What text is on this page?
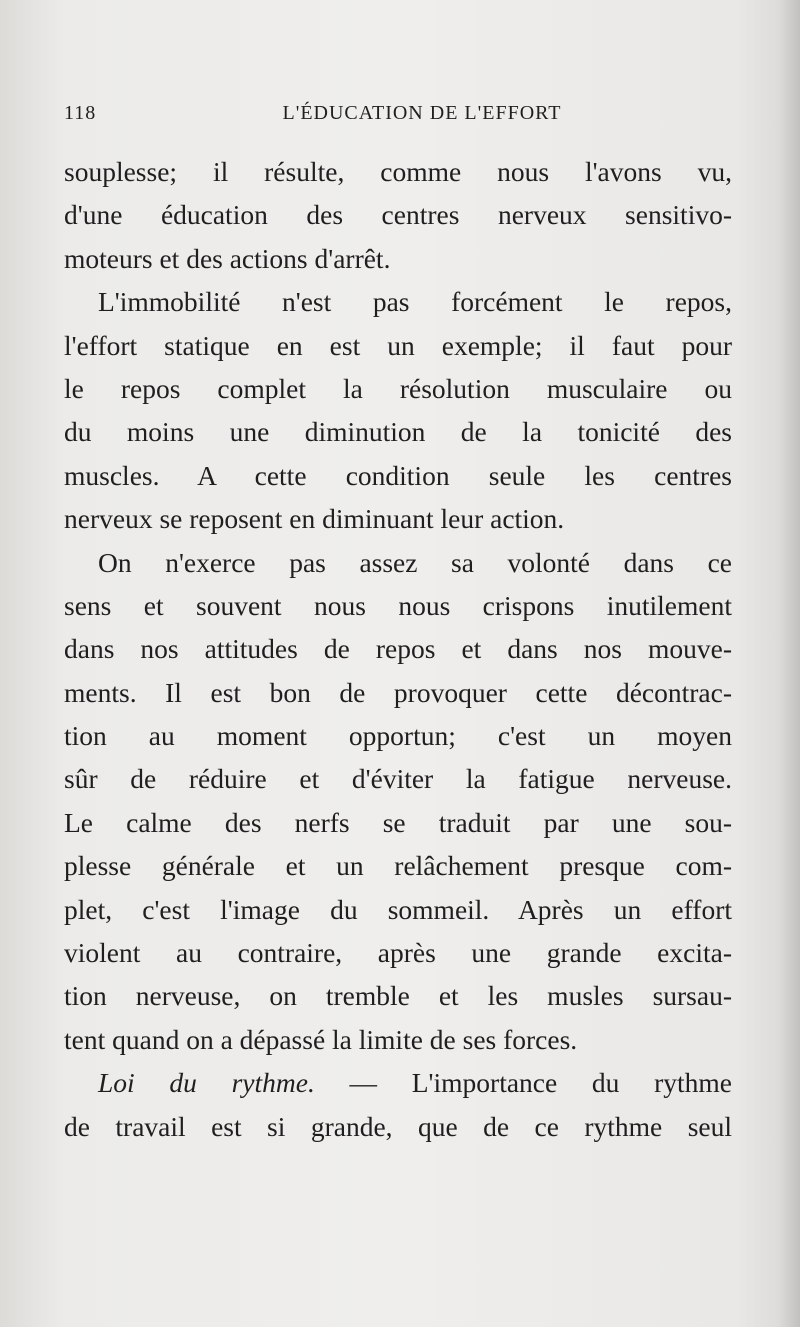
118	L'ÉDUCATION DE L'EFFORT
souplesse; il résulte, comme nous l'avons vu,
d'une éducation des centres nerveux sensitivo-
moteurs et des actions d'arrêt.
L'immobilité n'est pas forcément le repos,
l'effort statique en est un exemple; il faut pour
le repos complet la résolution musculaire ou
du moins une diminution de la tonicité des
muscles. A cette condition seule les centres
nerveux se reposent en diminuant leur action.
On n'exerce pas assez sa volonté dans ce
sens et souvent nous nous crispons inutilement
dans nos attitudes de repos et dans nos mouve-
ments. Il est bon de provoquer cette décontrac-
tion au moment opportun; c'est un moyen
sûr de réduire et d'éviter la fatigue nerveuse.
Le calme des nerfs se traduit par une sou-
plesse générale et un relâchement presque com-
plet, c'est l'image du sommeil. Après un effort
violent au contraire, après une grande excita-
tion nerveuse, on tremble et les musles sursau-
tent quand on a dépassé la limite de ses forces.
Loi du rythme. — L'importance du rythme
de travail est si grande, que de ce rythme seul
